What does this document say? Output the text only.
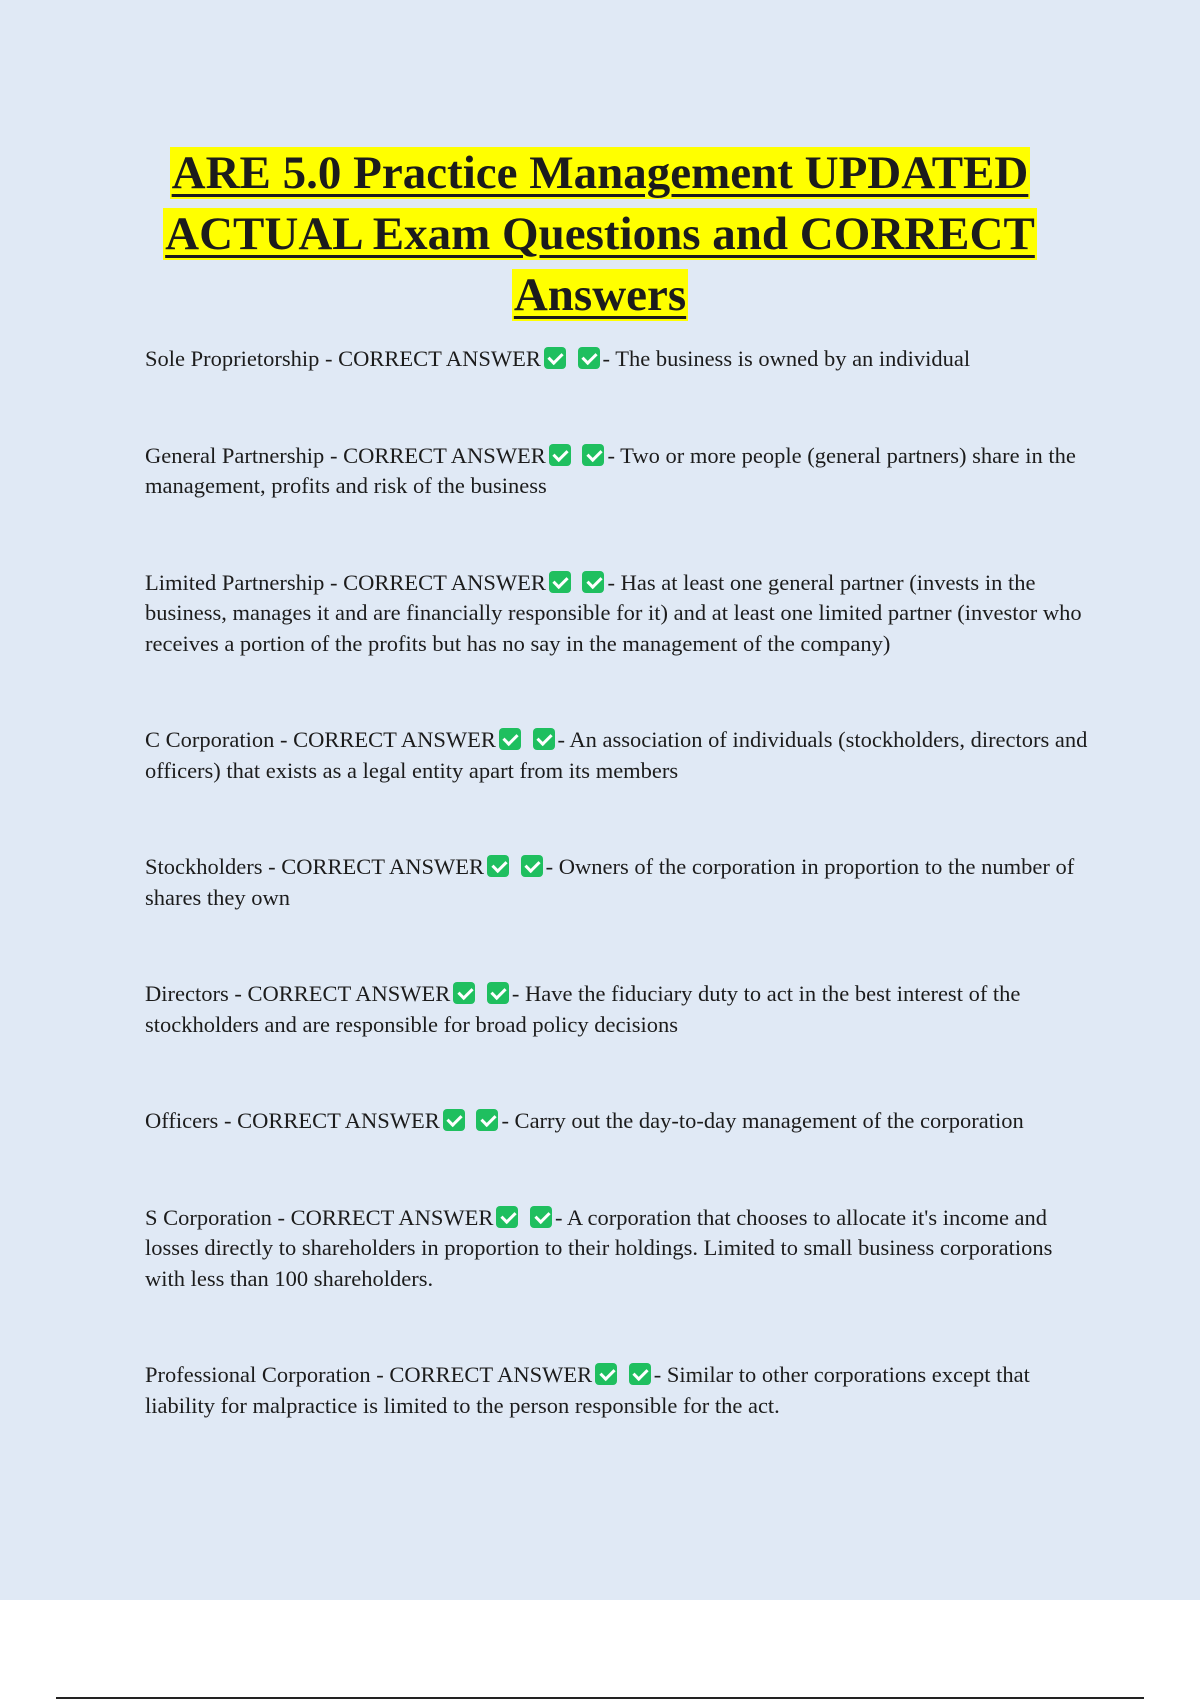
ARE 5.0 Practice Management UPDATED
ACTUAL Exam Questions and CORRECT
Answers

Sole Proprietorship - CORRECT ANSWER	- The business is owned by an individual

General Partnership - CORRECT ANSWER	- Two or more people (general partners) share in the management, profits and risk of the business

Limited Partnership - CORRECT ANSWER	- Has at least one general partner (invests in the business, manages it and are financially responsible for it) and at least one limited partner (investor who receives a portion of the profits but has no say in the management of the company)

C Corporation - CORRECT ANSWER	- An association of individuals (stockholders, directors and officers) that exists as a legal entity apart from its members

Stockholders - CORRECT ANSWER	- Owners of the corporation in proportion to the number of shares they own

Directors - CORRECT ANSWER	- Have the fiduciary duty to act in the best interest of the stockholders and are responsible for broad policy decisions

Officers - CORRECT ANSWER	- Carry out the day-to-day management of the corporation

S Corporation - CORRECT ANSWER	- A corporation that chooses to allocate it's income and losses directly to shareholders in proportion to their holdings. Limited to small business corporations with less than 100 shareholders.

Professional Corporation - CORRECT ANSWER	- Similar to other corporations except that liability for malpractice is limited to the person responsible for the act.
